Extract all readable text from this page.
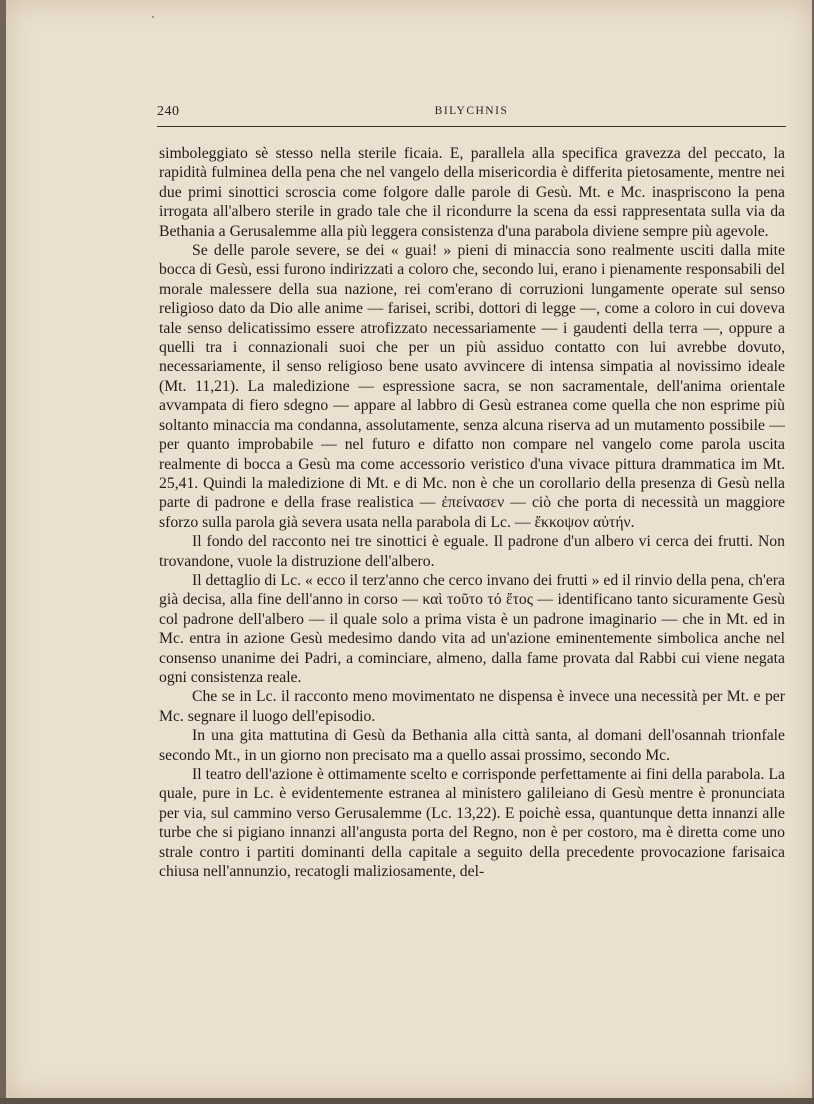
240	BILYCHNIS

simboleggiato sè stesso nella sterile ficaia. E, parallela alla specifica gravezza del peccato, la rapidità fulminea della pena che nel vangelo della misericordia è differita pietosamente, mentre nei due primi sinottici scroscia come folgore dalle parole di Gesù. Mt. e Mc. inaspriscono la pena irrogata all'albero sterile in grado tale che il ricondurre la scena da essi rappresentata sulla via da Bethania a Gerusalemme alla più leggera consistenza d'una parabola diviene sempre più agevole.

Se delle parole severe, se dei « guai! » pieni di minaccia sono realmente usciti dalla mite bocca di Gesù, essi furono indirizzati a coloro che, secondo lui, erano i pienamente responsabili del morale malessere della sua nazione, rei com'erano di corruzioni lungamente operate sul senso religioso dato da Dio alle anime — farisei, scribi, dottori di legge —, come a coloro in cui doveva tale senso delicatissimo essere atrofizzato necessariamente — i gaudenti della terra —, oppure a quelli tra i connazionali suoi che per un più assiduo contatto con lui avrebbe dovuto, necessariamente, il senso religioso bene usato avvincere di intensa simpatia al novissimo ideale (Mt. 11,21). La maledizione — espressione sacra, se non sacramentale, dell'anima orientale avvampata di fiero sdegno — appare al labbro di Gesù estranea come quella che non esprime più soltanto minaccia ma condanna, assolutamente, senza alcuna riserva ad un mutamento possibile — per quanto improbabile — nel futuro e difatto non compare nel vangelo come parola uscita realmente di bocca a Gesù ma come accessorio veristico d'una vivace pittura drammatica im Mt. 25,41. Quindi la maledizione di Mt. e di Mc. non è che un corollario della presenza di Gesù nella parte di padrone e della frase realistica — ἐπείνασεν — ciò che porta di necessità un maggiore sforzo sulla parola già severa usata nella parabola di Lc. — ἔκκοψον αὐτήν.

Il fondo del racconto nei tre sinottici è eguale. Il padrone d'un albero vi cerca dei frutti. Non trovandone, vuole la distruzione dell'albero.

Il dettaglio di Lc. « ecco il terz'anno che cerco invano dei frutti » ed il rinvio della pena, ch'era già decisa, alla fine dell'anno in corso — καὶ τοῦτο τό ἔτος — identificano tanto sicuramente Gesù col padrone dell'albero — il quale solo a prima vista è un padrone imaginario — che in Mt. ed in Mc. entra in azione Gesù medesimo dando vita ad un'azione eminentemente simbolica anche nel consenso unanime dei Padri, a cominciare, almeno, dalla fame provata dal Rabbi cui viene negata ogni consistenza reale.

Che se in Lc. il racconto meno movimentato ne dispensa è invece una necessità per Mt. e per Mc. segnare il luogo dell'episodio.

In una gita mattutina di Gesù da Bethania alla città santa, al domani dell'osannah trionfale secondo Mt., in un giorno non precisato ma a quello assai prossimo, secondo Mc.

Il teatro dell'azione è ottimamente scelto e corrisponde perfettamente ai fini della parabola. La quale, pure in Lc. è evidentemente estranea al ministero galileiano di Gesù mentre è pronunciata per via, sul cammino verso Gerusalemme (Lc. 13,22). E poichè essa, quantunque detta innanzi alle turbe che si pigiano innanzi all'angusta porta del Regno, non è per costoro, ma è diretta come uno strale contro i partiti dominanti della capitale a seguito della precedente provocazione farisaica chiusa nell'annunzio, recatogli maliziosamente, del-
